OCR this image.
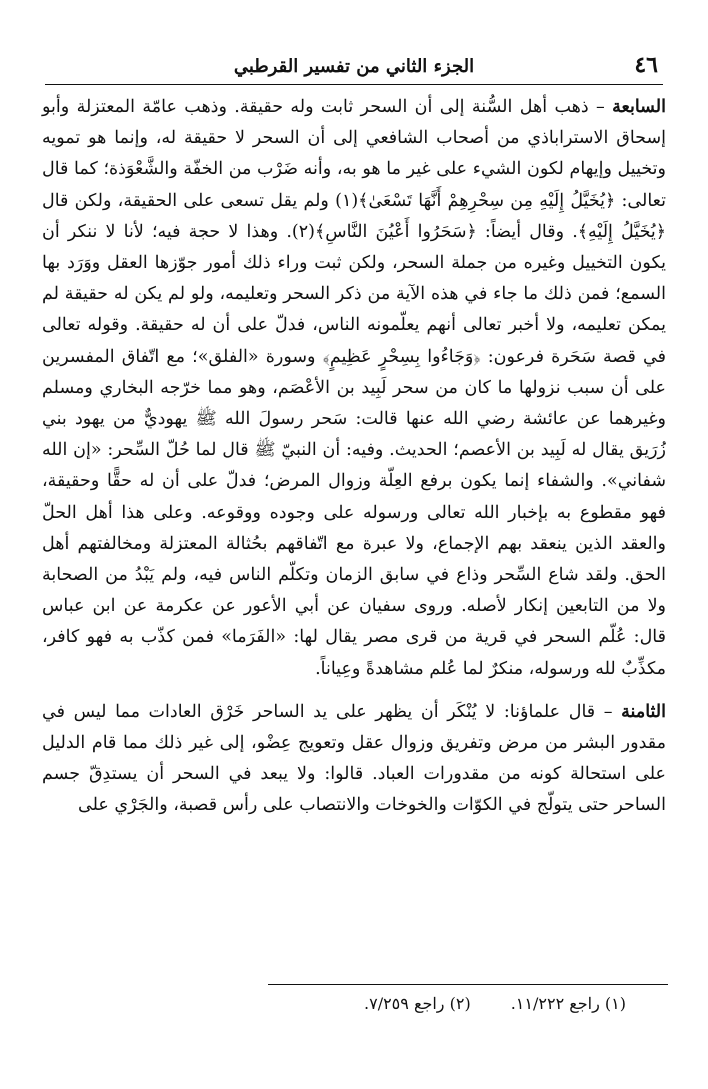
٤٦
الجزء الثاني من تفسير القرطبي

السابعة – ذهب أهل السُّنة إلى أن السحر ثابت وله حقيقة. وذهب عامّة المعتزلة وأبو إسحاق الاستراباذي من أصحاب الشافعي إلى أن السحر لا حقيقة له، وإنما هو تمويه وتخييل وإيهام لكون الشيء على غير ما هو به، وأنه ضَرْب من الخفّة والشَّعْوَذة؛ كما قال تعالى: ﴿يُخَيَّلُ إِلَيْهِ مِن سِحْرِهِمْ أَنَّهَا تَسْعَىٰ﴾(١) ولم يقل تسعى على الحقيقة، ولكن قال ﴿يُخَيَّلُ إِلَيْهِ﴾. وقال أيضاً: ﴿سَحَرُوا أَعْيُنَ النَّاسِ﴾(٢). وهذا لا حجة فيه؛ لأنا لا ننكر أن يكون التخييل وغيره من جملة السحر، ولكن ثبت وراء ذلك أمور جوّزها العقل ووَرَد بها السمع؛ فمن ذلك ما جاء في هذه الآية من ذكر السحر وتعليمه، ولو لم يكن له حقيقة لم يمكن تعليمه، ولا أخبر تعالى أنهم يعلّمونه الناس، فدلّ على أن له حقيقة. وقوله تعالى في قصة سَحَرة فرعون: ﴿وَجَاءُوا بِسِحْرٍ عَظِيمٍ﴾ وسورة «الفلق»؛ مع اتّفاق المفسرين على أن سبب نزولها ما كان من سحر لَبِيد بن الأعْصَم، وهو مما خرّجه البخاري ومسلم وغيرهما عن عائشة رضي الله عنها قالت: سَحر رسولَ الله ﷺ يهوديٌّ من يهود بني زُرَيق يقال له لَبِيد بن الأعصم؛ الحديث. وفيه: أن النبيّ ﷺ قال لما حُلّ السِّحر: «إن الله شفاني». والشفاء إنما يكون برفع العِلّة وزوال المرض؛ فدلّ على أن له حقًّا وحقيقة، فهو مقطوع به بإخبار الله تعالى ورسوله على وجوده ووقوعه. وعلى هذا أهل الحلّ والعقد الذين ينعقد بهم الإجماع، ولا عبرة مع اتّفاقهم بحُثالة المعتزلة ومخالفتهم أهل الحق. ولقد شاع السِّحر وذاع في سابق الزمان وتكلّم الناس فيه، ولم يَبْدُ من الصحابة ولا من التابعين إنكار لأصله. وروى سفيان عن أبي الأعور عن عكرمة عن ابن عباس قال: عُلّم السحر في قرية من قرى مصر يقال لها: «الفَرَما» فمن كذّب به فهو كافر، مكذِّبٌ لله ورسوله، منكرٌ لما عُلم مشاهدةً وعِياناً.

الثامنة – قال علماؤنا: لا يُنْكَر أن يظهر على يد الساحر خَرْق العادات مما ليس في مقدور البشر من مرض وتفريق وزوال عقل وتعويج عِضْو، إلى غير ذلك مما قام الدليل على استحالة كونه من مقدورات العباد. قالوا: ولا يبعد في السحر أن يستدِقّ جسم الساحر حتى يتولّج في الكوّات والخوخات والانتصاب على رأس قصبة، والجَرْي على

(١) راجع ١١/٢٢٢.
(٢) راجع ٧/٢٥٩.
